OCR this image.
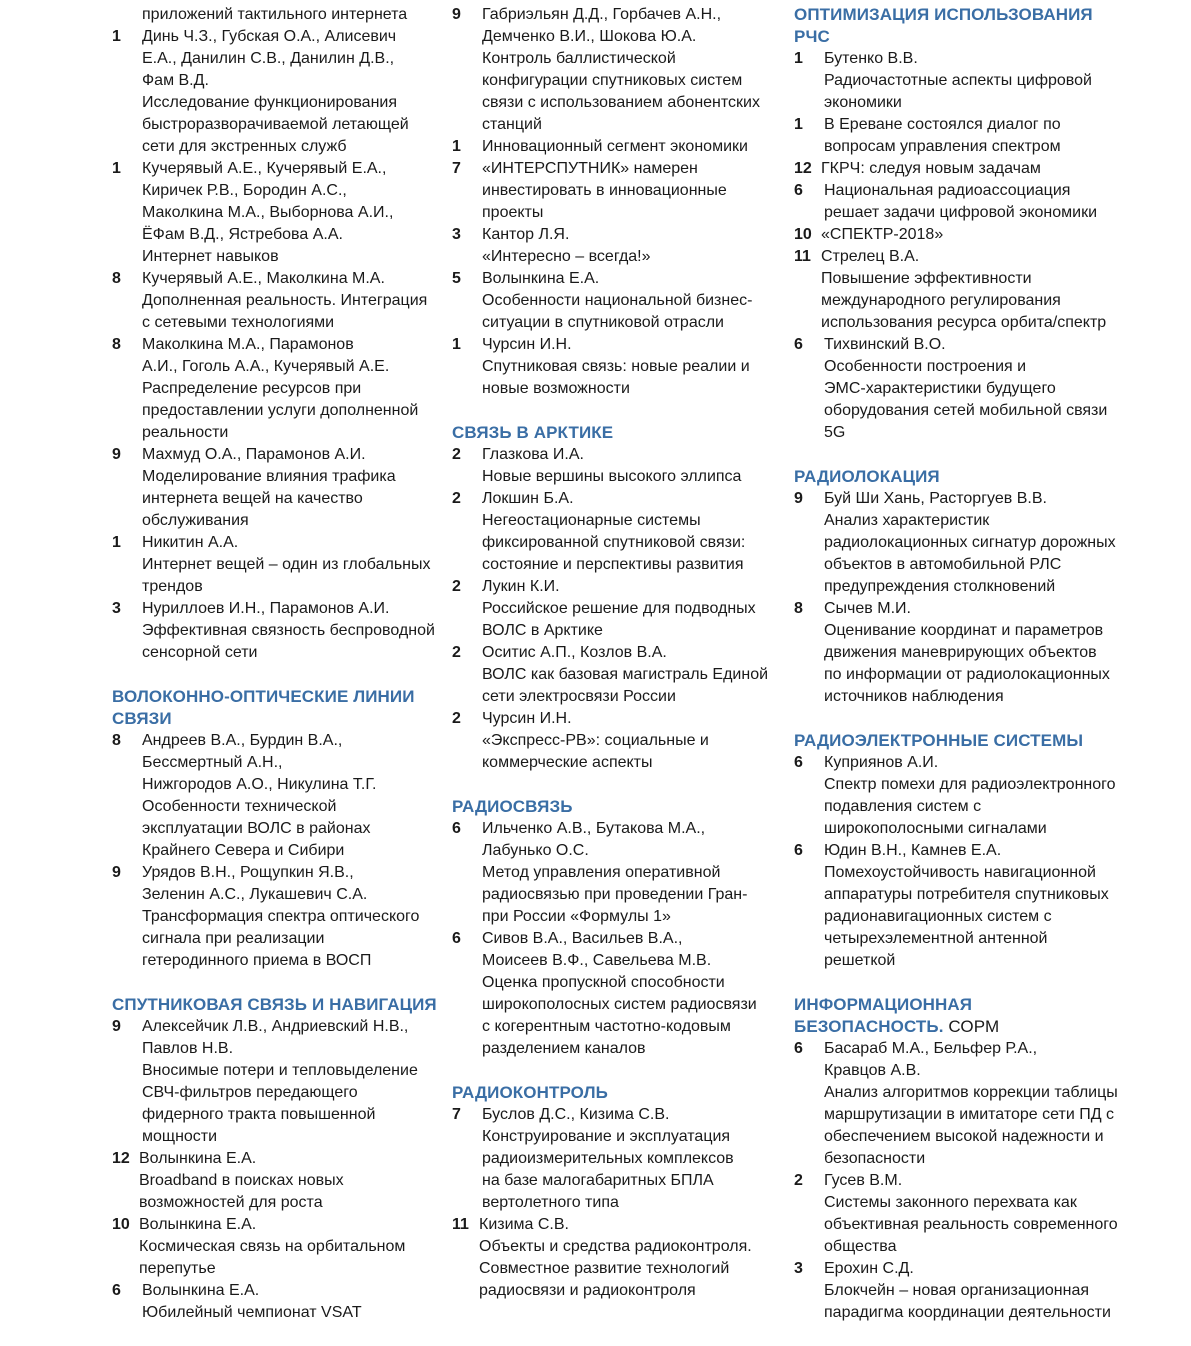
приложений тактильного интернета
1	Динь Ч.З., Губская О.А., Алисевич
Е.А., Данилин С.В., Данилин Д.В.,
Фам В.Д.
Исследование функционирования
быстроразворачиваемой летающей
сети для экстренных служб
1	Кучерявый А.Е., Кучерявый Е.А.,
Киричек Р.В., Бородин А.С.,
Маколкина М.А., Выборнова А.И.,
ЁФам В.Д., Ястребова А.А.
Интернет навыков
8	Кучерявый А.Е., Маколкина М.А.
Дополненная реальность. Интеграция
с сетевыми технологиями
8	Маколкина М.А., Парамонов
А.И., Гоголь А.А., Кучерявый А.Е.
Распределение ресурсов при
предоставлении услуги дополненной
реальности
9	Махмуд О.А., Парамонов А.И.
Моделирование влияния трафика
интернета вещей на качество
обслуживания
1	Никитин А.А.
Интернет вещей – один из глобальных
трендов
3	Нуриллоев И.Н., Парамонов А.И.
Эффективная связность беспроводной
сенсорной сети
ВОЛОКОННО-ОПТИЧЕСКИЕ ЛИНИИ
СВЯЗИ
8	Андреев В.А., Бурдин В.А.,
Бессмертный А.Н.,
Нижгородов А.О., Никулина Т.Г.
Особенности технической
эксплуатации ВОЛС в районах
Крайнего Севера и Сибири
9	Урядов В.Н., Рощупкин Я.В.,
Зеленин А.С., Лукашевич С.А.
Трансформация спектра оптического
сигнала при реализации
гетеродинного приема в ВОСП
СПУТНИКОВАЯ СВЯЗЬ И НАВИГАЦИЯ
9	Алексейчик Л.В., Андриевский Н.В.,
Павлов Н.В.
Вносимые потери и тепловыделение
СВЧ-фильтров передающего
фидерного тракта повышенной
мощности
12 Волынкина Е.А.
Broadband в поисках новых
возможностей для роста
10 Волынкина Е.А.
Космическая связь на орбитальном
перепутье
6	Волынкина Е.А.
Юбилейный чемпионат VSAT
9	Габриэльян Д.Д., Горбачев А.Н.,
Демченко В.И., Шокова Ю.А.
Контроль баллистической
конфигурации спутниковых систем
связи с использованием абонентских
станций
1	Инновационный сегмент экономики
7	«ИНТЕРСПУТНИК» намерен
инвестировать в инновационные
проекты
3	Кантор Л.Я.
«Интересно – всегда!»
5	Волынкина Е.А.
Особенности национальной бизнес-
ситуации в спутниковой отрасли
1	Чурсин И.Н.
Спутниковая связь: новые реалии и
новые возможности
СВЯЗЬ В АРКТИКЕ
2	Глазкова И.А.
Новые вершины высокого эллипса
2	Локшин Б.А.
Негеостационарные системы
фиксированной спутниковой связи:
состояние и перспективы развития
2	Лукин К.И.
Российское решение для подводных
ВОЛС в Арктике
2	Оситис А.П., Козлов В.А.
ВОЛС как базовая магистраль Единой
сети электросвязи России
2	Чурсин И.Н.
«Экспресс-РВ»: социальные и
коммерческие аспекты
РАДИОСВЯЗЬ
6	Ильченко А.В., Бутакова М.А.,
Лабунько О.С.
Метод управления оперативной
радиосвязью при проведении Гран-
при России «Формулы 1»
6	Сивов В.А., Васильев В.А.,
Моисеев В.Ф., Савельева М.В.
Оценка пропускной способности
широкополосных систем радиосвязи
с когерентным частотно-кодовым
разделением каналов
РАДИОКОНТРОЛЬ
7	Буслов Д.С., Кизима С.В.
Конструирование и эксплуатация
радиоизмерительных комплексов
на базе малогабаритных БПЛА
вертолетного типа
11 Кизима С.В.
Объекты и средства радиоконтроля.
Совместное развитие технологий
радиосвязи и радиоконтроля
ОПТИМИЗАЦИЯ ИСПОЛЬЗОВАНИЯ
РЧС
1	Бутенко В.В.
Радиочастотные аспекты цифровой
экономики
1	В Ереване состоялся диалог по
вопросам управления спектром
12 ГКРЧ: следуя новым задачам
6	Национальная радиоассоциация
решает задачи цифровой экономики
10 «СПЕКТР-2018»
11 Стрелец В.А.
Повышение эффективности
международного регулирования
использования ресурса орбита/спектр
6	Тихвинский В.О.
Особенности построения и
ЭМС-характеристики будущего
оборудования сетей мобильной связи
5G
РАДИОЛОКАЦИЯ
9	Буй Ши Хань, Расторгуев В.В.
Анализ характеристик
радиолокационных сигнатур дорожных
объектов в автомобильной РЛС
предупреждения столкновений
8	Сычев М.И.
Оценивание координат и параметров
движения маневрирующих объектов
по информации от радиолокационных
источников наблюдения
РАДИОЭЛЕКТРОННЫЕ СИСТЕМЫ
6	Куприянов А.И.
Спектр помехи для радиоэлектронного
подавления систем с
широкополосными сигналами
6	Юдин В.Н., Камнев Е.А.
Помехоустойчивость навигационной
аппаратуры потребителя спутниковых
радионавигационных систем с
четырехэлементной антенной
решеткой
ИНФОРМАЦИОННАЯ
БЕЗОПАСНОСТЬ. СОРМ
6	Басараб М.А., Бельфер Р.А.,
Кравцов А.В.
Анализ алгоритмов коррекции таблицы
маршрутизации в имитаторе сети ПД с
обеспечением высокой надежности и
безопасности
2	Гусев В.М.
Системы законного перехвата как
объективная реальность современного
общества
3	Ерохин С.Д.
Блокчейн – новая организационная
парадигма координации деятельности
